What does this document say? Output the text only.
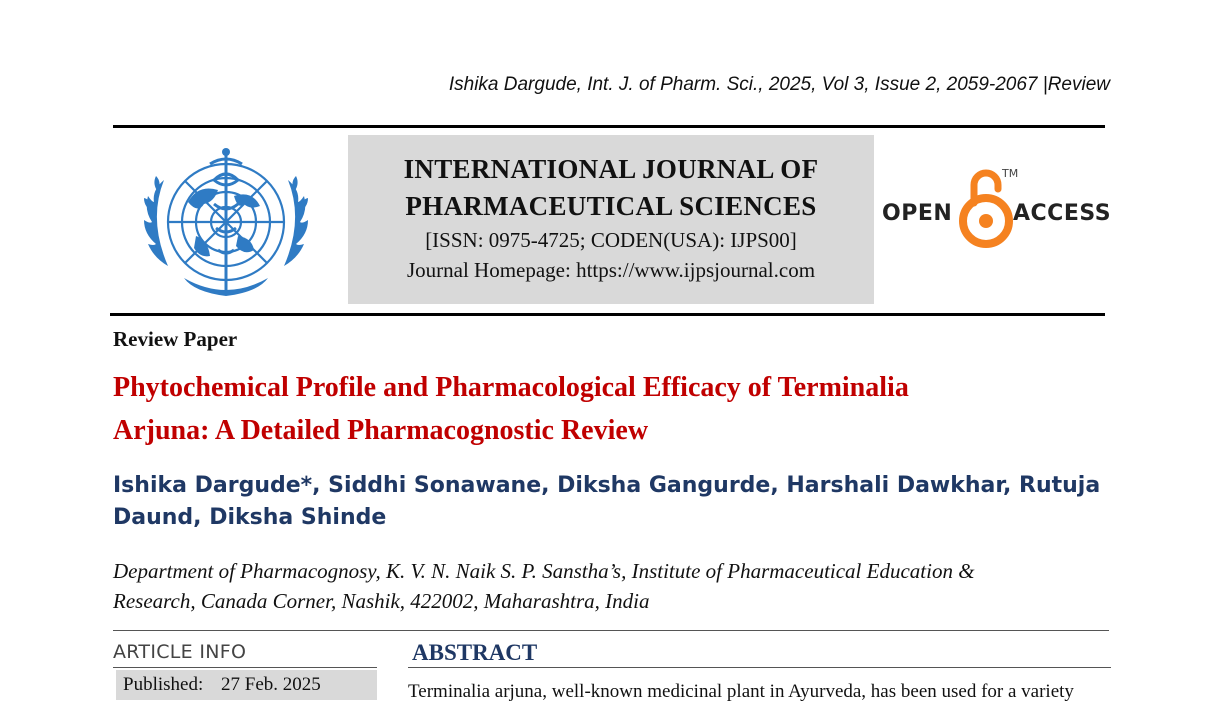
Ishika Dargude, Int. J. of Pharm. Sci., 2025, Vol 3, Issue 2, 2059-2067 |Review
INTERNATIONAL JOURNAL OF
PHARMACEUTICAL SCIENCES
[ISSN: 0975-4725; CODEN(USA): IJPS00]
Journal Homepage: https://www.ijpsjournal.com
OPEN
TM
ACCESS
Review Paper
Phytochemical Profile and Pharmacological Efficacy of Terminalia
Arjuna: A Detailed Pharmacognostic Review
Ishika Dargude*, Siddhi Sonawane, Diksha Gangurde, Harshali Dawkhar, Rutuja
Daund, Diksha Shinde
Department of Pharmacognosy, K. V. N. Naik S. P. Sanstha’s, Institute of Pharmaceutical Education &
Research, Canada Corner, Nashik, 422002, Maharashtra, India
ARTICLE INFO
Published: 27 Feb. 2025
ABSTRACT
Terminalia arjuna, well-known medicinal plant in Ayurveda, has been used for a variety
